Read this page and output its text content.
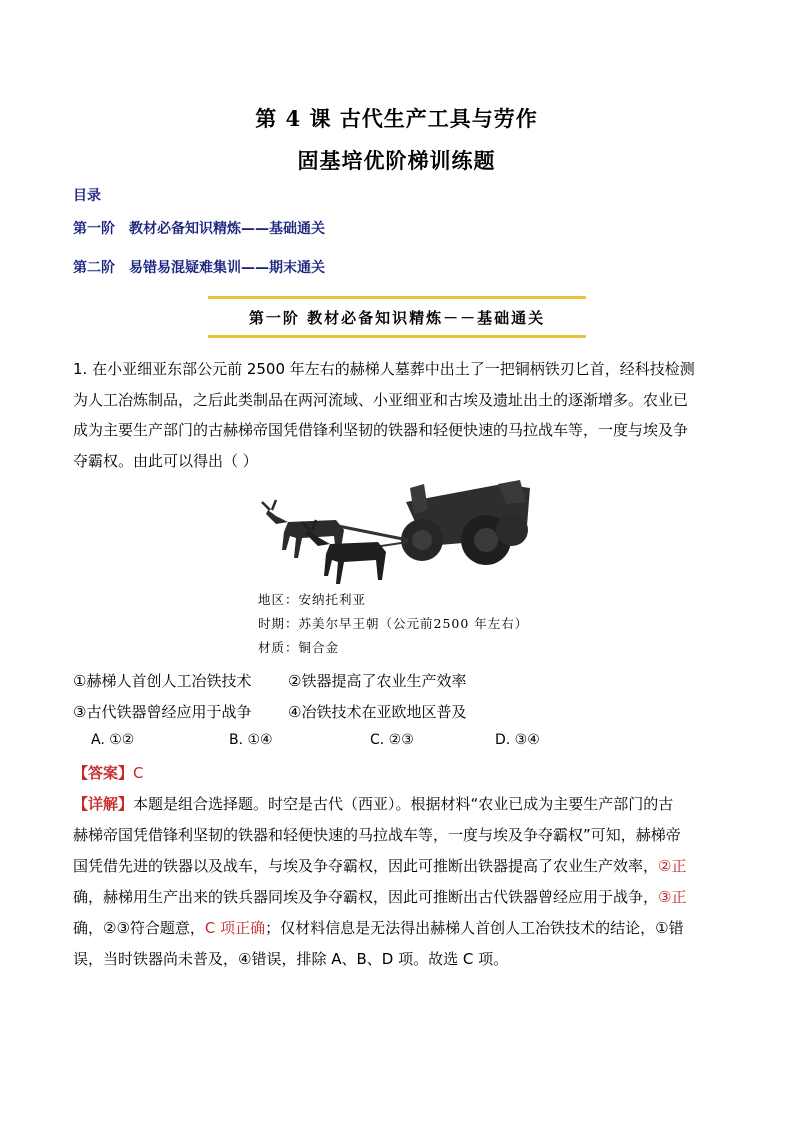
第 4 课 古代生产工具与劳作
固基培优阶梯训练题
目录
第一阶 教材必备知识精炼——基础通关
第二阶 易错易混疑难集训——期末通关
第一阶 教材必备知识精炼－－基础通关

1. 在小亚细亚东部公元前 2500 年左右的赫梯人墓葬中出土了一把铜柄铁刃匕首，经科技检测

为人工冶炼制品，之后此类制品在两河流域、小亚细亚和古埃及遗址出土的逐渐增多。农业已

成为主要生产部门的古赫梯帝国凭借锋利坚韧的铁器和轻便快速的马拉战车等，一度与埃及争

夺霸权。由此可以得出（ ）

地区：安纳托利亚
时期：苏美尔早王朝（公元前2500 年左右）
材质：铜合金
①赫梯人首创人工冶铁技术 ②铁器提高了农业生产效率
③古代铁器曾经应用于战争 ④冶铁技术在亚欧地区普及
A. ①②	B. ①④	C. ②③	D. ③④
【答案】C

【详解】本题是组合选择题。时空是古代（西亚）。根据材料“农业已成为主要生产部门的古

赫梯帝国凭借锋利坚韧的铁器和轻便快速的马拉战车等，一度与埃及争夺霸权”可知，赫梯帝

国凭借先进的铁器以及战车，与埃及争夺霸权，因此可推断出铁器提高了农业生产效率，②正

确，赫梯用生产出来的铁兵器同埃及争夺霸权，因此可推断出古代铁器曾经应用于战争，③正

确，②③符合题意，C 项正确；仅材料信息是无法得出赫梯人首创人工冶铁技术的结论，①错

误，当时铁器尚未普及，④错误，排除 A、B、D 项。故选 C 项。
